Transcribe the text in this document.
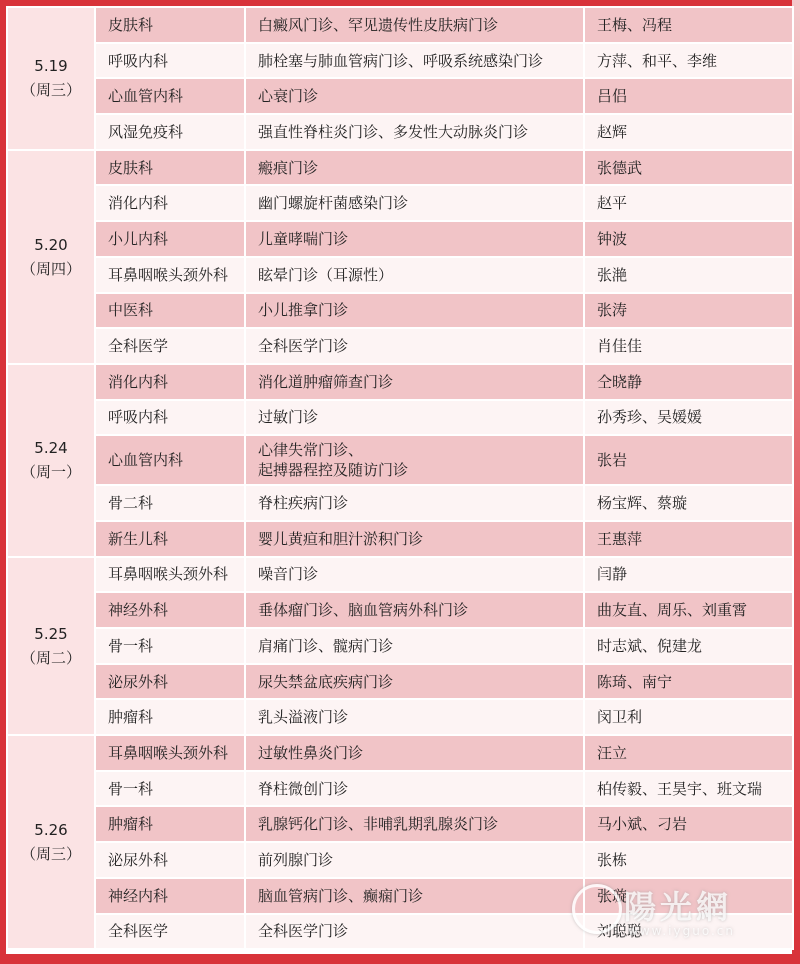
5.19
（周三）	皮肤科	白癜风门诊、罕见遗传性皮肤病门诊	王梅、冯程
	呼吸内科	肺栓塞与肺血管病门诊、呼吸系统感染门诊	方萍、和平、李维
	心血管内科	心衰门诊	吕侣
	风湿免疫科	强直性脊柱炎门诊、多发性大动脉炎门诊	赵辉

5.20
（周四）	皮肤科	瘢痕门诊	张德武
	消化内科	幽门螺旋杆菌感染门诊	赵平
	小儿内科	儿童哮喘门诊	钟波
	耳鼻咽喉头颈外科	眩晕门诊（耳源性）	张滟
	中医科	小儿推拿门诊	张涛
	全科医学	全科医学门诊	肖佳佳

5.24
（周一）	消化内科	消化道肿瘤筛查门诊	仝晓静
	呼吸内科	过敏门诊	孙秀珍、吴媛媛
	心血管内科	心律失常门诊、
起搏器程控及随访门诊	张岩
	骨二科	脊柱疾病门诊	杨宝辉、蔡璇
	新生儿科	婴儿黄疸和胆汁淤积门诊	王惠萍

5.25
（周二）	耳鼻咽喉头颈外科	噪音门诊	闫静
	神经外科	垂体瘤门诊、脑血管病外科门诊	曲友直、周乐、刘重霄
	骨一科	肩痛门诊、髋病门诊	时志斌、倪建龙
	泌尿外科	尿失禁盆底疾病门诊	陈琦、南宁
	肿瘤科	乳头溢液门诊	闵卫利

5.26
（周三）	耳鼻咽喉头颈外科	过敏性鼻炎门诊	汪立
	骨一科	脊柱微创门诊	柏传毅、王昊宇、班文瑞
	肿瘤科	乳腺钙化门诊、非哺乳期乳腺炎门诊	马小斌、刁岩
	泌尿外科	前列腺门诊	张栋
	神经内科	脑血管病门诊、癫痫门诊	张璇
	全科医学	全科医学门诊	刘聪聪
陽光網
www.iyguo.cn
